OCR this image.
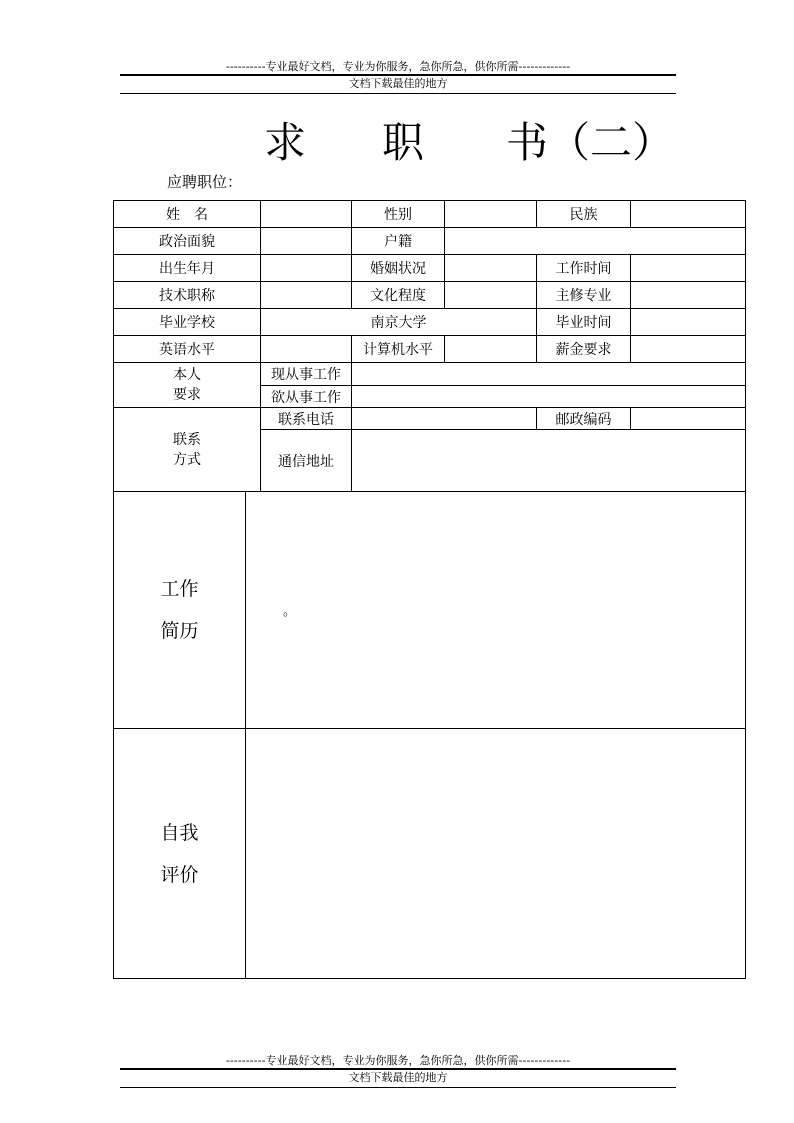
----------专业最好文档，专业为你服务，急你所急，供你所需-------------
文档下载最佳的地方
求 职 书（二）
应聘职位：
姓　名			性别		民族	
政治面貌			户籍			
出生年月			婚姻状况		工作时间	
技术职称			文化程度		主修专业	
毕业学校		南京大学			毕业时间	
英语水平			计算机水平		薪金要求	

本人
要求		现从事工作				
		欲从事工作				

联系
方式		联系电话			邮政编码	
		通信地址				

工作
简历	。					

自我
评价						

----------专业最好文档，专业为你服务，急你所急，供你所需-------------
文档下载最佳的地方
